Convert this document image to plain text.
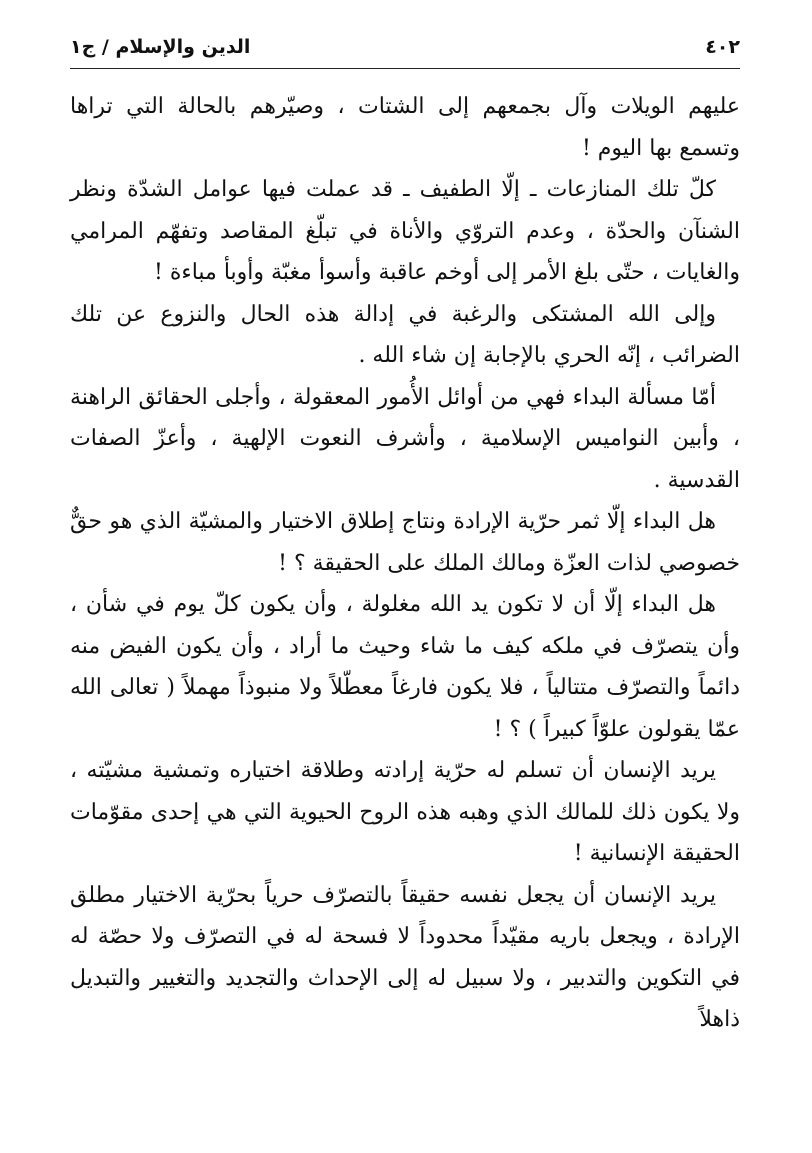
٤٠٢
الدين والإسلام / ج١

عليهم الويلات وآل بجمعهم إلى الشتات ، وصيّرهم بالحالة التي تراها وتسمع بها اليوم !

كلّ تلك المنازعات ـ إلّا الطفيف ـ قد عملت فيها عوامل الشدّة ونظر الشنآن والحدّة ، وعدم التروّي والأناة في تبلّغ المقاصد وتفهّم المرامي والغايات ، حتّى بلغ الأمر إلى أوخم عاقبة وأسوأ مغبّة وأوبأ مباءة !

وإلى الله المشتكى والرغبة في إدالة هذه الحال والنزوع عن تلك الضرائب ، إنّه الحري بالإجابة إن شاء الله .

أمّا مسألة البداء فهي من أوائل الأُمور المعقولة ، وأجلى الحقائق الراهنة ، وأبين النواميس الإسلامية ، وأشرف النعوت الإلهية ، وأعزّ الصفات القدسية .

هل البداء إلّا ثمر حرّية الإرادة ونتاج إطلاق الاختيار والمشيّة الذي هو حقٌّ خصوصي لذات العزّة ومالك الملك على الحقيقة ؟ !

هل البداء إلّا أن لا تكون يد الله مغلولة ، وأن يكون كلّ يوم في شأن ، وأن يتصرّف في ملكه كيف ما شاء وحيث ما أراد ، وأن يكون الفيض منه دائماً والتصرّف متتالياً ، فلا يكون فارغاً معطّلاً ولا منبوذاً مهملاً ( تعالى الله عمّا يقولون علوّاً كبيراً ) ؟ !

يريد الإنسان أن تسلم له حرّية إرادته وطلاقة اختياره وتمشية مشيّته ، ولا يكون ذلك للمالك الذي وهبه هذه الروح الحيوية التي هي إحدى مقوّمات الحقيقة الإنسانية !

يريد الإنسان أن يجعل نفسه حقيقاً بالتصرّف حرياً بحرّية الاختيار مطلق الإرادة ، ويجعل باريه مقيّداً محدوداً لا فسحة له في التصرّف ولا حصّة له في التكوين والتدبير ، ولا سبيل له إلى الإحداث والتجديد والتغيير والتبديل ذاهلاً
